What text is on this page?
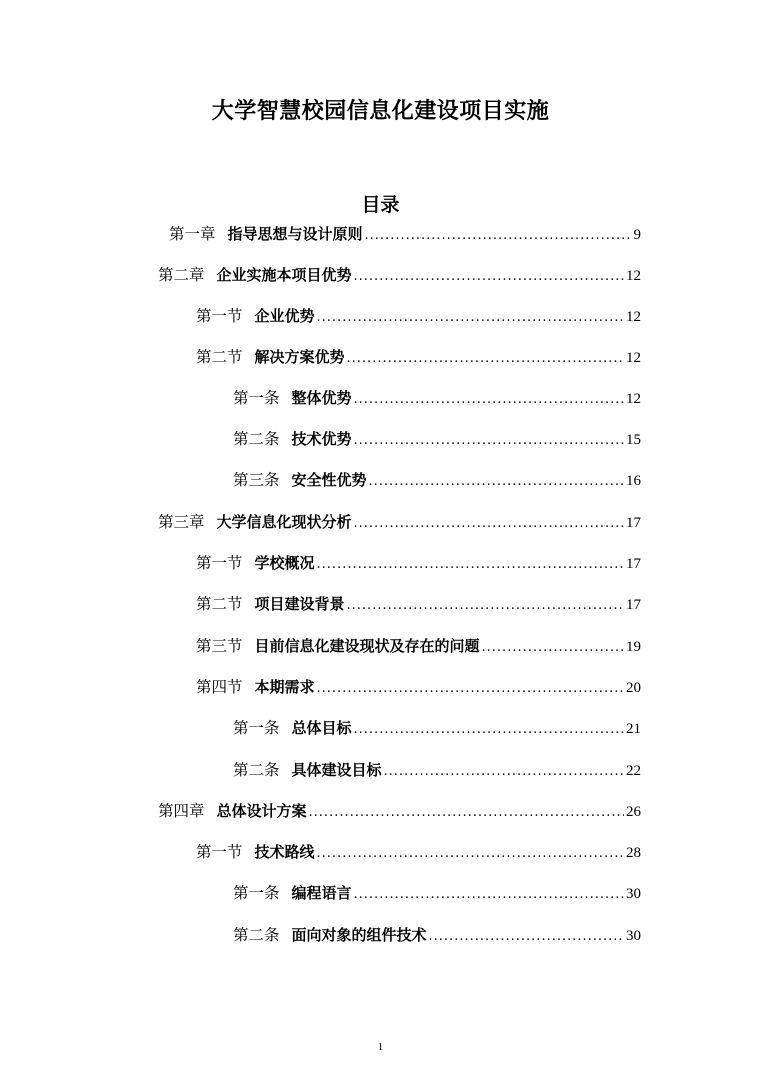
大学智慧校园信息化建设项目实施
目录
第一章 指导思想与设计原则 .....	9
第二章 企业实施本项目优势 .....	12
第一节 企业优势 .....	12
第二节 解决方案优势 .....	12
第一条 整体优势 .....	12
第二条 技术优势 .....	15
第三条 安全性优势 .....	16
第三章 大学信息化现状分析 .....	17
第一节 学校概况 .....	17
第二节 项目建设背景 .....	17
第三节 目前信息化建设现状及存在的问题 .....	19
第四节 本期需求 .....	20
第一条 总体目标 .....	21
第二条 具体建设目标 .....	22
第四章 总体设计方案 .....	26
第一节 技术路线 .....	28
第一条 编程语言 .....	30
第二条 面向对象的组件技术 .....	30
1
